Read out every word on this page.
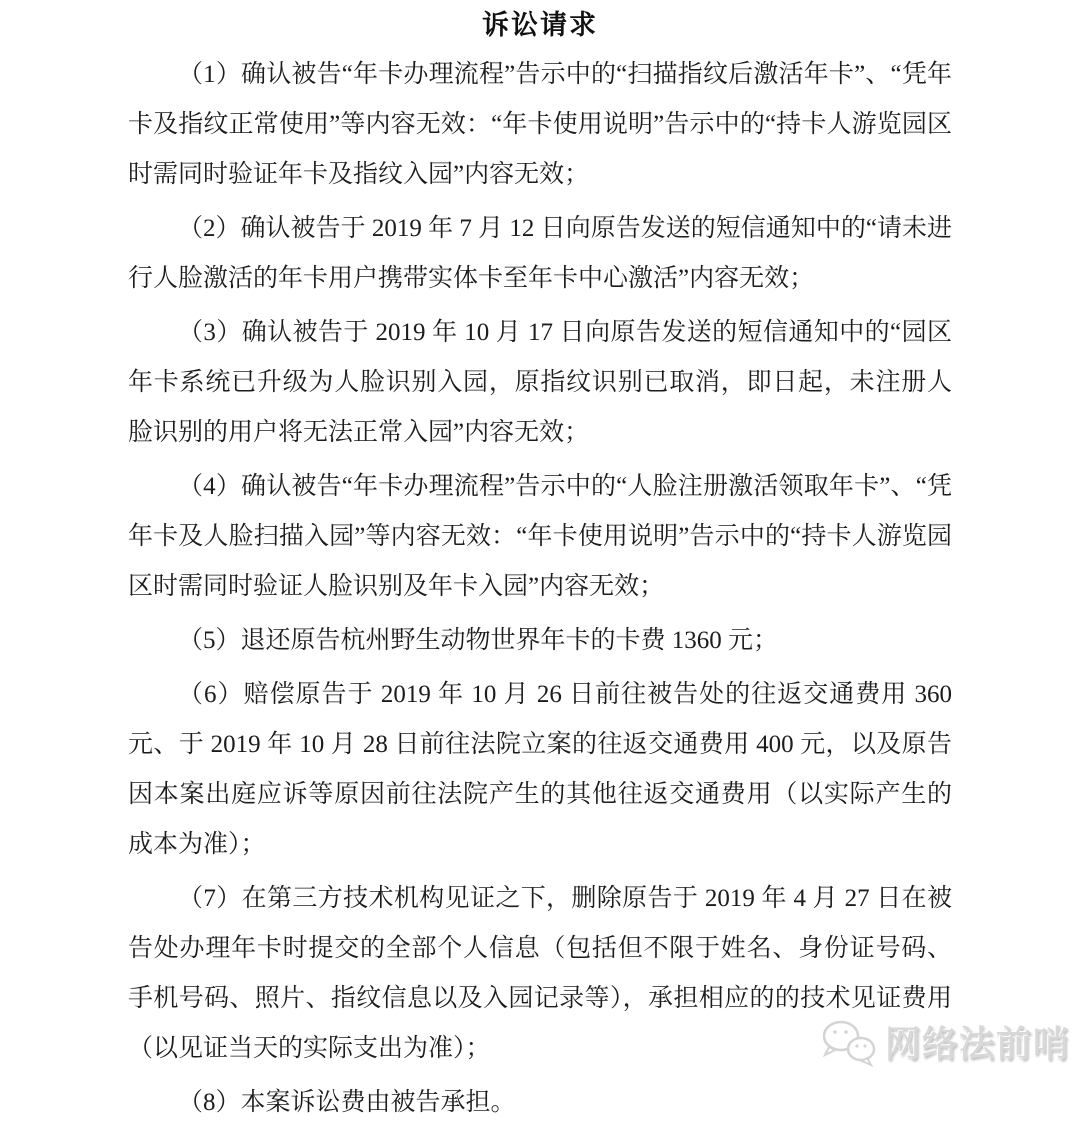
诉讼请求

（1）确认被告“年卡办理流程”告示中的“扫描指纹后激活年卡”、“凭年卡及指纹正常使用”等内容无效：“年卡使用说明”告示中的“持卡人游览园区时需同时验证年卡及指纹入园”内容无效；

（2）确认被告于 2019 年 7 月 12 日向原告发送的短信通知中的“请未进行人脸激活的年卡用户携带实体卡至年卡中心激活”内容无效；

（3）确认被告于 2019 年 10 月 17 日向原告发送的短信通知中的“园区年卡系统已升级为人脸识别入园，原指纹识别已取消，即日起，未注册人脸识别的用户将无法正常入园”内容无效；

（4）确认被告“年卡办理流程”告示中的“人脸注册激活领取年卡”、“凭年卡及人脸扫描入园”等内容无效：“年卡使用说明”告示中的“持卡人游览园区时需同时验证人脸识别及年卡入园”内容无效；

（5）退还原告杭州野生动物世界年卡的卡费 1360 元；

（6）赔偿原告于 2019 年 10 月 26 日前往被告处的往返交通费用 360 元、于 2019 年 10 月 28 日前往法院立案的往返交通费用 400 元，以及原告因本案出庭应诉等原因前往法院产生的其他往返交通费用（以实际产生的成本为准）；

（7）在第三方技术机构见证之下，删除原告于 2019 年 4 月 27 日在被告处办理年卡时提交的全部个人信息（包括但不限于姓名、身份证号码、手机号码、照片、指纹信息以及入园记录等），承担相应的的技术见证费用（以见证当天的实际支出为准）；

（8）本案诉讼费由被告承担。

网络法前哨
